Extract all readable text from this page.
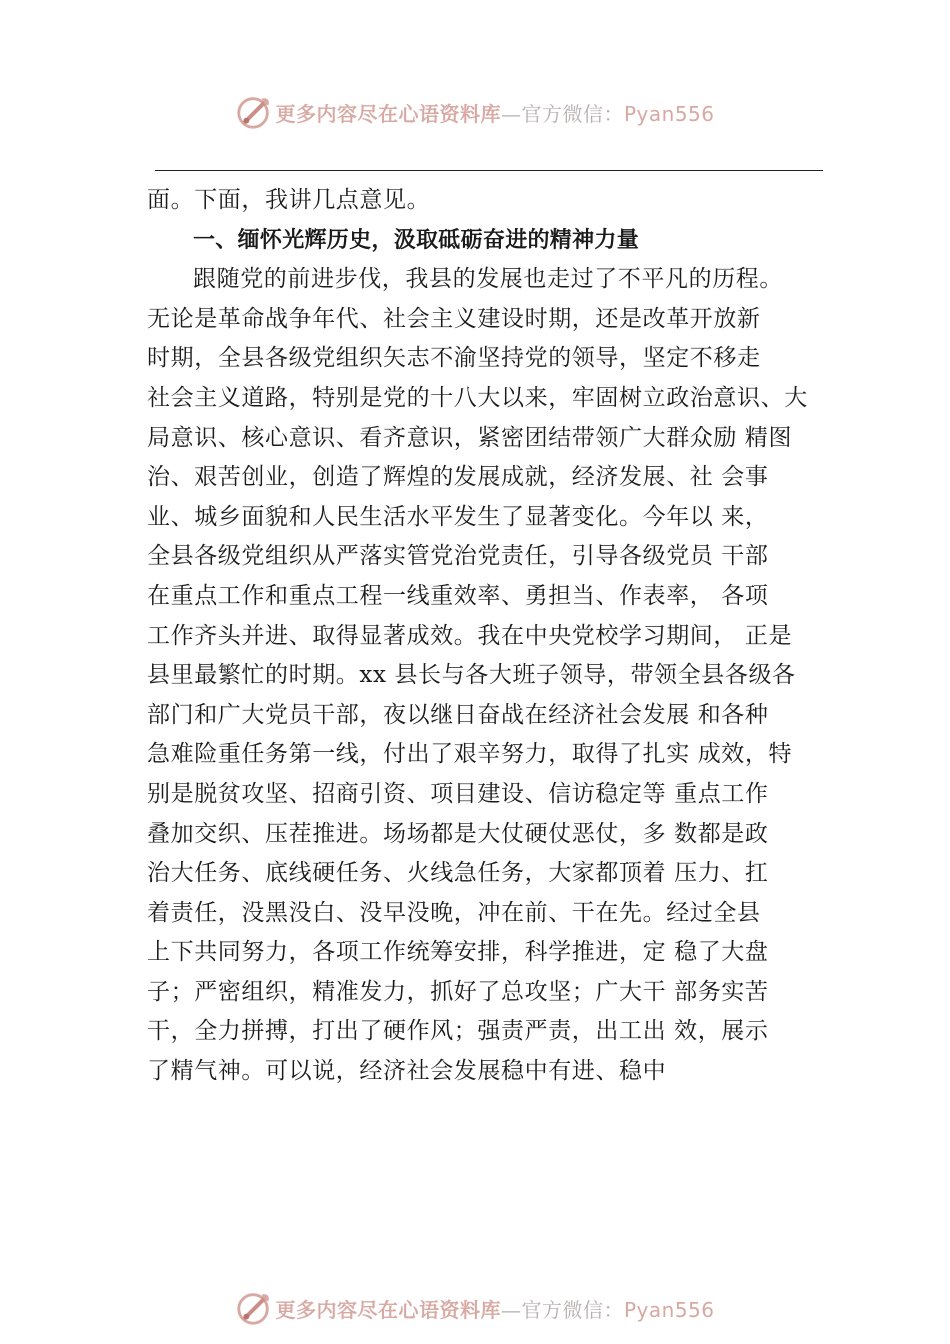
更多内容尽在心语资料库—官方微信：Pyan556
面。下面，我讲几点意见。
一、缅怀光辉历史，汲取砥砺奋进的精神力量
跟随党的前进步伐，我县的发展也走过了不平凡的历程。
无论是革命战争年代、社会主义建设时期，还是改革开放新
时期，全县各级党组织矢志不渝坚持党的领导，坚定不移走
社会主义道路，特别是党的十八大以来，牢固树立政治意识、大
局意识、核心意识、看齐意识，紧密团结带领广大群众励 精图
治、艰苦创业，创造了辉煌的发展成就，经济发展、社 会事
业、城乡面貌和人民生活水平发生了显著变化。今年以 来，
全县各级党组织从严落实管党治党责任，引导各级党员 干部
在重点工作和重点工程一线重效率、勇担当、作表率， 各项
工作齐头并进、取得显著成效。我在中央党校学习期间， 正是
县里最繁忙的时期。xx 县长与各大班子领导，带领全县各级各
部门和广大党员干部，夜以继日奋战在经济社会发展 和各种
急难险重任务第一线，付出了艰辛努力，取得了扎实 成效，特
别是脱贫攻坚、招商引资、项目建设、信访稳定等 重点工作
叠加交织、压茬推进。场场都是大仗硬仗恶仗，多 数都是政
治大任务、底线硬任务、火线急任务，大家都顶着 压力、扛
着责任，没黑没白、没早没晚，冲在前、干在先。经过全县
上下共同努力，各项工作统筹安排，科学推进，定 稳了大盘
子；严密组织，精准发力，抓好了总攻坚；广大干 部务实苦
干，全力拼搏，打出了硬作风；强责严责，出工出 效，展示
了精气神。可以说，经济社会发展稳中有进、稳中
更多内容尽在心语资料库—官方微信：Pyan556
